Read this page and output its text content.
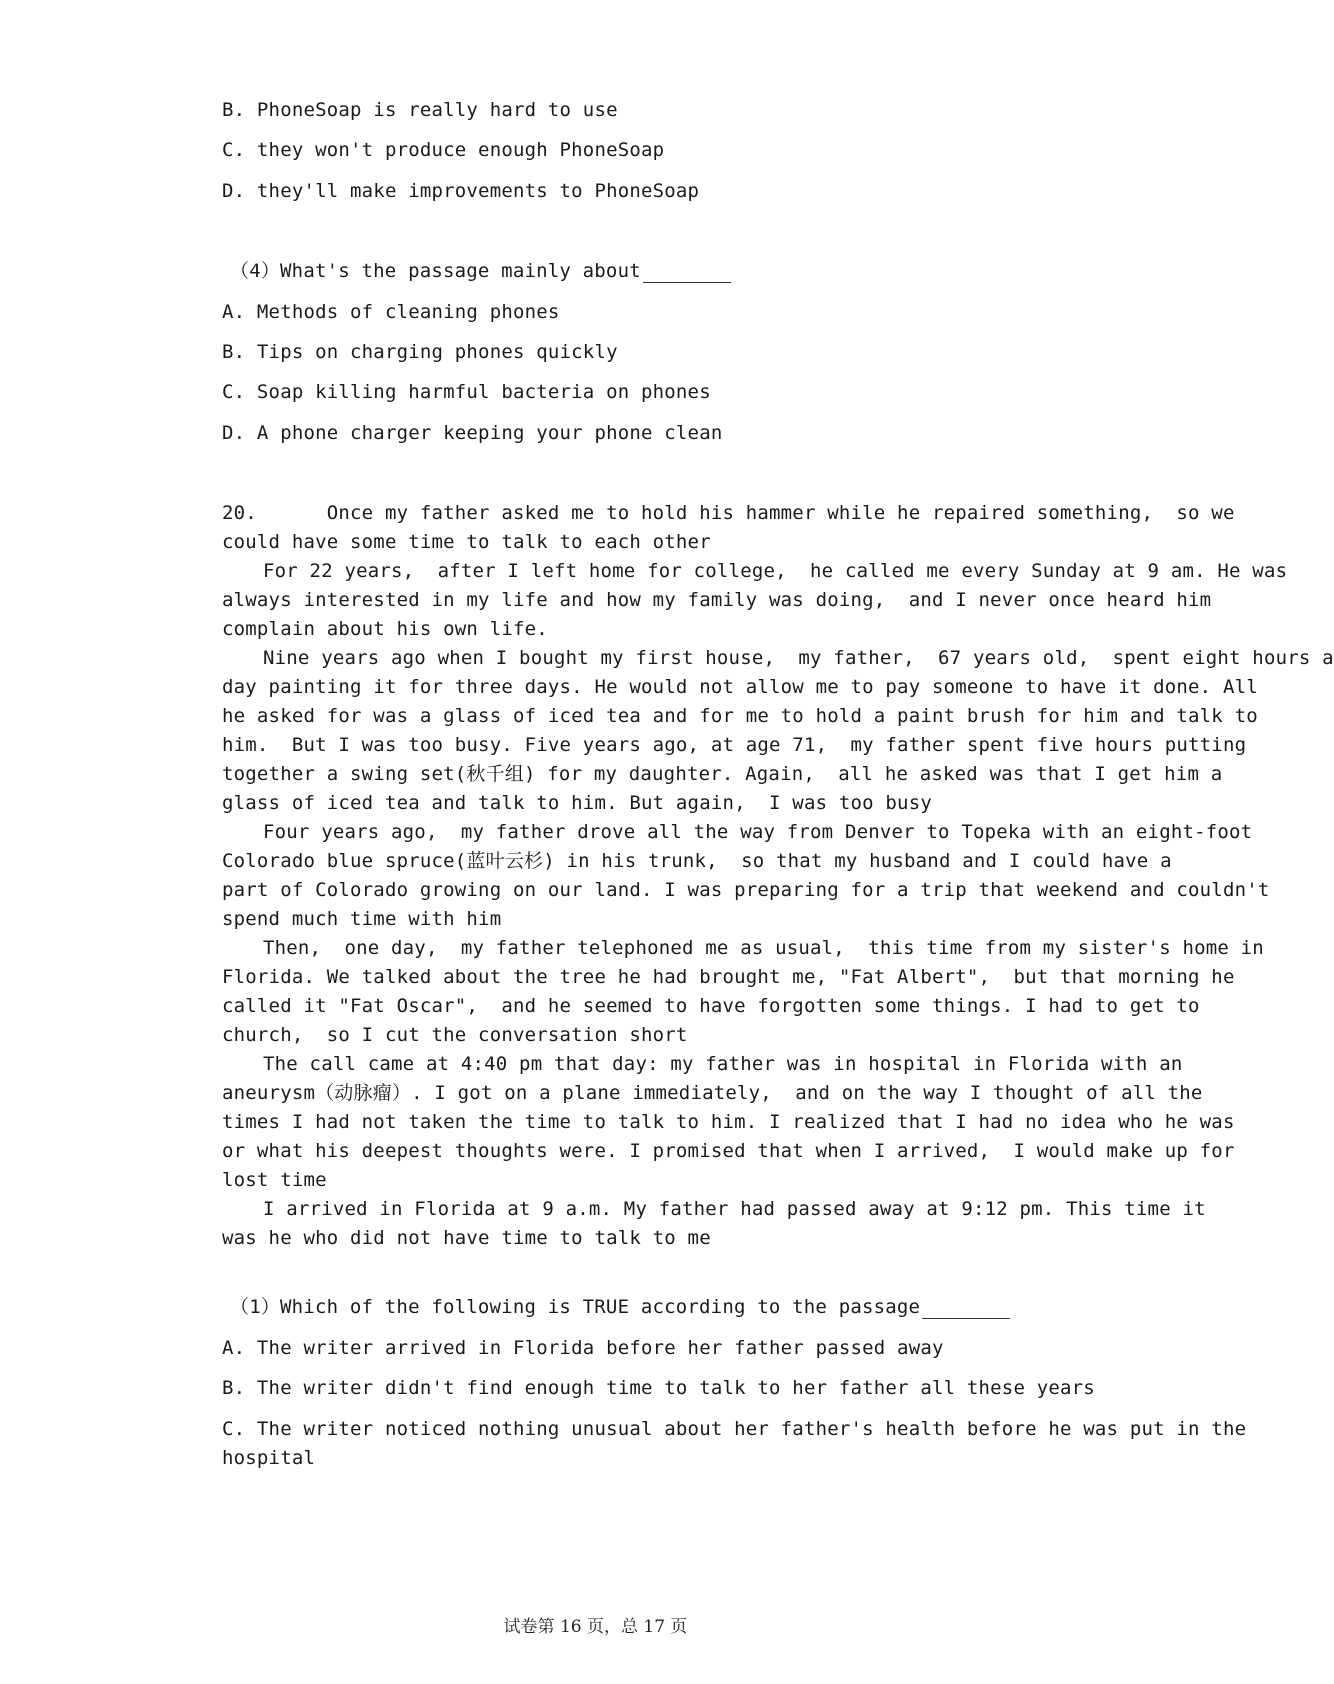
B. PhoneSoap is really hard to use
C. they won't produce enough PhoneSoap
D. they'll make improvements to PhoneSoap
（4）What's the passage mainly about
A. Methods of cleaning phones
B. Tips on charging phones quickly
C. Soap killing harmful bacteria on phones
D. A phone charger keeping your phone clean
20.      Once my father asked me to hold his hammer while he repaired something,  so we
could have some time to talk to each other
For 22 years,  after I left home for college,  he called me every Sunday at 9 am. He was
always interested in my life and how my family was doing,  and I never once heard him
complain about his own life.
Nine years ago when I bought my first house,  my father,  67 years old,  spent eight hours a
day painting it for three days. He would not allow me to pay someone to have it done. All
he asked for was a glass of iced tea and for me to hold a paint brush for him and talk to
him.  But I was too busy. Five years ago, at age 71,  my father spent five hours putting
together a swing set(秋千组) for my daughter. Again,  all he asked was that I get him a
glass of iced tea and talk to him. But again,  I was too busy
Four years ago,  my father drove all the way from Denver to Topeka with an eight-foot
Colorado blue spruce(蓝叶云杉) in his trunk,  so that my husband and I could have a
part of Colorado growing on our land. I was preparing for a trip that weekend and couldn't
spend much time with him
Then,  one day,  my father telephoned me as usual,  this time from my sister's home in
Florida. We talked about the tree he had brought me, "Fat Albert",  but that morning he
called it "Fat Oscar",  and he seemed to have forgotten some things. I had to get to
church,  so I cut the conversation short
The call came at 4:40 pm that day: my father was in hospital in Florida with an
aneurysm（动脉瘤）. I got on a plane immediately,  and on the way I thought of all the
times I had not taken the time to talk to him. I realized that I had no idea who he was
or what his deepest thoughts were. I promised that when I arrived,  I would make up for
lost time
I arrived in Florida at 9 a.m. My father had passed away at 9:12 pm. This time it
was he who did not have time to talk to me
（1）Which of the following is TRUE according to the passage
A. The writer arrived in Florida before her father passed away
B. The writer didn't find enough time to talk to her father all these years
C. The writer noticed nothing unusual about her father's health before he was put in the
hospital
试卷第 16 页，总 17 页
